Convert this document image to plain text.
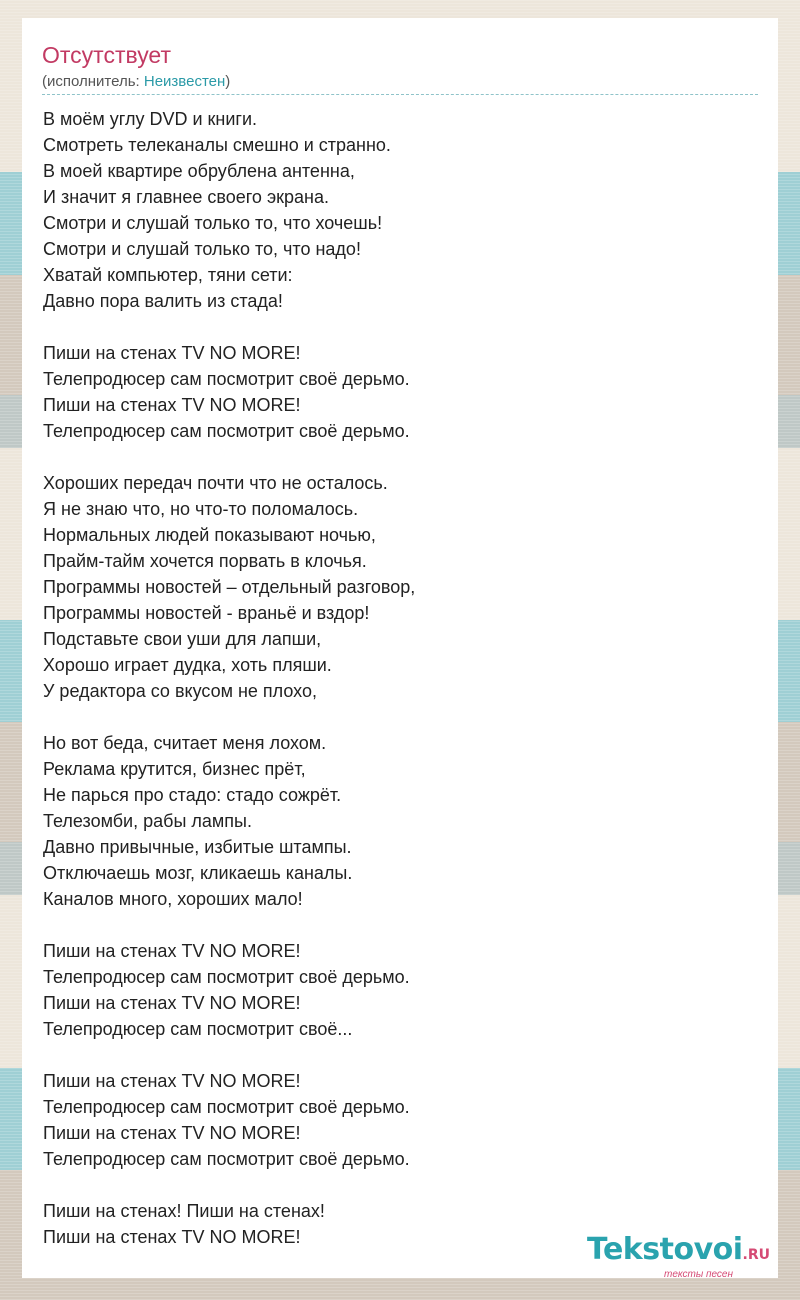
Отсутствует
(исполнитель: Неизвестен)
В моём углу DVD и книги.
Смотреть телеканалы смешно и странно.
В моей квартире обрублена антенна,
И значит я главнее своего экрана.
Смотри и слушай только то, что хочешь!
Смотри и слушай только то, что надо!
Хватай компьютер, тяни сети:
Давно пора валить из стада!
Пиши на стенах TV NO MORE!
Телепродюсер сам посмотрит своё дерьмо.
Пиши на стенах TV NO MORE!
Телепродюсер сам посмотрит своё дерьмо.
Хороших передач почти что не осталось.
Я не знаю что, но что-то поломалось.
Нормальных людей показывают ночью,
Прайм-тайм хочется порвать в клочья.
Программы новостей – отдельный разговор,
Программы новостей - враньё и вздор!
Подставьте свои уши для лапши,
Хорошо играет дудка, хоть пляши.
У редактора со вкусом не плохо,
Но вот беда, считает меня лохом.
Реклама крутится, бизнес прёт,
Не парься про стадо: стадо сожрёт.
Телезомби, рабы лампы.
Давно привычные, избитые штампы.
Отключаешь мозг, кликаешь каналы.
Каналов много, хороших мало!
Пиши на стенах TV NO MORE!
Телепродюсер сам посмотрит своё дерьмо.
Пиши на стенах TV NO MORE!
Телепродюсер сам посмотрит своё...
Пиши на стенах TV NO MORE!
Телепродюсер сам посмотрит своё дерьмо.
Пиши на стенах TV NO MORE!
Телепродюсер сам посмотрит своё дерьмо.
Пиши на стенах! Пиши на стенах!
Пиши на стенах TV NO MORE!	Tekstovoi.RU
тексты песен
